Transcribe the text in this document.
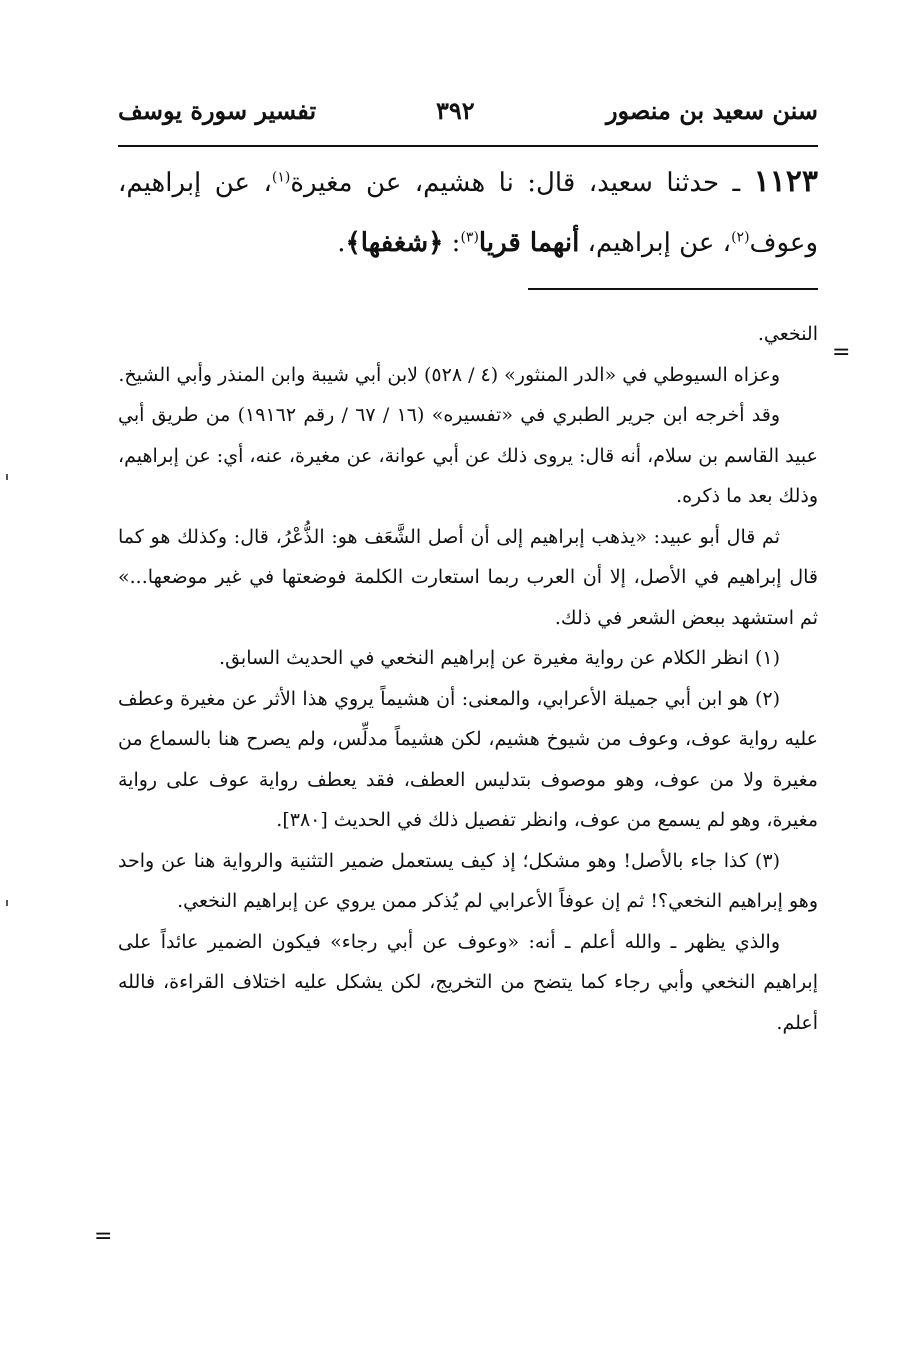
سنن سعيد بن منصور
٣٩٢
تفسير سورة يوسف
١١٢٣ ـ حدثنا سعيد، قال: نا هشيم، عن مغيرة$^{(١)}$، عن إبراهيم، وعوف$^{(٢)}$، عن إبراهيم، أنهما قريا$^{(٣)}$: ﴿شغفها﴾.
=

النخعي.

وعزاه السيوطي في «الدر المنثور» (٤ / ٥٢٨) لابن أبي شيبة وابن المنذر وأبي الشيخ.

وقد أخرجه ابن جرير الطبري في «تفسيره» (١٦ / ٦٧ / رقم ١٩١٦٢) من طريق أبي عبيد القاسم بن سلام، أنه قال: يروى ذلك عن أبي عوانة، عن مغيرة، عنه، أي: عن إبراهيم، وذلك بعد ما ذكره.

ثم قال أبو عبيد: «يذهب إبراهيم إلى أن أصل الشَّعَف هو: الذُّعْرُ، قال: وكذلك هو كما قال إبراهيم في الأصل، إلا أن العرب ربما استعارت الكلمة فوضعتها في غير موضعها...» ثم استشهد ببعض الشعر في ذلك.

(١) انظر الكلام عن رواية مغيرة عن إبراهيم النخعي في الحديث السابق.

(٢) هو ابن أبي جميلة الأعرابي، والمعنى: أن هشيماً يروي هذا الأثر عن مغيرة وعطف عليه رواية عوف، وعوف من شيوخ هشيم، لكن هشيماً مدلِّس، ولم يصرح هنا بالسماع من مغيرة ولا من عوف، وهو موصوف بتدليس العطف، فقد يعطف رواية عوف على رواية مغيرة، وهو لم يسمع من عوف، وانظر تفصيل ذلك في الحديث [٣٨٠].

(٣) كذا جاء بالأصل! وهو مشكل؛ إذ كيف يستعمل ضمير التثنية والرواية هنا عن واحد وهو إبراهيم النخعي؟! ثم إن عوفاً الأعرابي لم يُذكر ممن يروي عن إبراهيم النخعي.

والذي يظهر ـ والله أعلم ـ أنه: «وعوف عن أبي رجاء» فيكون الضمير عائداً على إبراهيم النخعي وأبي رجاء كما يتضح من التخريج، لكن يشكل عليه اختلاف القراءة، فالله أعلم.

=
